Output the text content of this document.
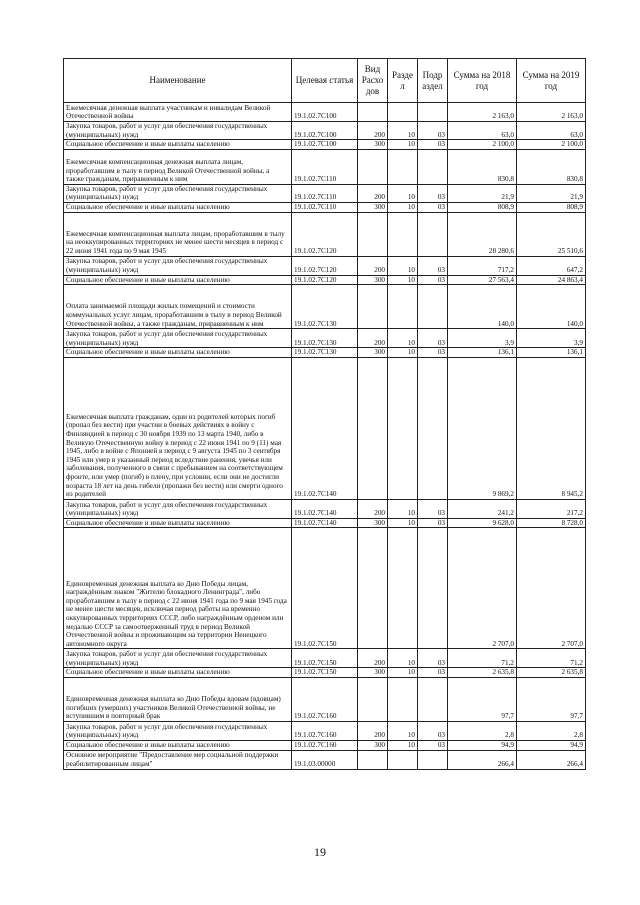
Наименование	Целевая статья	Вид Расхо дов	Разде л	Подр аздел	Сумма на 2018 год	Сумма на 2019 год
Ежемесячная денежная выплата участникам и инвалидам Великой Отечественной войны	19.1.02.7С100				2 163,0	2 163,0
Закупка товаров, работ и услуг для обеспечения государственных (муниципальных) нужд	19.1.02.7С100	200	10	03	63,0	63,0
Социальное обеспечение и иные выплаты населению	19.1.02.7С100	300	10	03	2 100,0	2 100,0
Ежемесячная компенсационная денежная выплата лицам, проработавшим в тылу в период Великой Отечественной войны, а также гражданам, приравненным к ним	19.1.02.7С110				830,8	830,8
Закупка товаров, работ и услуг для обеспечения государственных (муниципальных) нужд	19.1.02.7С110	200	10	03	21,9	21,9
Социальное обеспечение и иные выплаты населению	19.1.02.7С110	300	10	03	808,9	808,9
Ежемесячная компенсационная выплата лицам, проработавшим в тылу на неоккупированных территориях не менее шести месяцев в период с 22 июня 1941 года по 9 мая 1945	19.1.02.7С120				28 280,6	25 510,6
Закупка товаров, работ и услуг для обеспечения государственных (муниципальных) нужд	19.1.02.7С120	200	10	03	717,2	647,2
Социальное обеспечение и иные выплаты населению	19.1.02.7С120	300	10	03	27 563,4	24 863,4
Оплата занимаемой площади жилых помещений и стоимости коммунальных услуг лицам, проработавшим в тылу в период Великой Отечественной войны, а также гражданам, приравненным к ним	19.1.02.7С130				140,0	140,0
Закупка товаров, работ и услуг для обеспечения государственных (муниципальных) нужд	19.1.02.7С130	200	10	03	3,9	3,9
Социальное обеспечение и иные выплаты населению	19.1.02.7С130	300	10	03	136,1	136,1
Ежемесячная выплата гражданам, одни из родителей которых погиб (пропал без вести) при участии в боевых действиях в войну с Финляндией в период с 30 ноября 1939 по 13 марта 1940, либо в Великую Отечественную войну в период с 22 июня 1941 по 9 (11) мая 1945, либо в войне с Японией в период с 9 августа 1945 по 3 сентября 1945 или умер в указанный период вследствие ранения, увечья или заболевания, полученного в связи с пребыванием на соответствующем фронте, или умер (погиб) в плену, при условии, если они не достигли возраста 18 лет на день гибели (пропажи без вести) или смерти одного из родителей	19.1.02.7С140				9 869,2	8 945,2
Закупка товаров, работ и услуг для обеспечения государственных (муниципальных) нужд	19.1.02.7С140	200	10	03	241,2	217,2
Социальное обеспечение и иные выплаты населению	19.1.02.7С140	300	10	03	9 628,0	8 728,0
Единовременная денежная выплата ко Дню Победы лицам, награждённым знаком "Жителю блокадного Ленинграда", либо проработавшим в тылу в период с 22 июня 1941 года по 9 мая 1945 года не менее шести месяцев, исключая период работы на временно оккупированных территориях СССР, либо награждённым орденом или медалью СССР за самоотверженный труд в период Великой Отечественной войны и проживающим на территории Ненецкого автономного округа	19.1.02.7С150				2 707,0	2 707,0
Закупка товаров, работ и услуг для обеспечения государственных (муниципальных) нужд	19.1.02.7С150	200	10	03	71,2	71,2
Социальное обеспечение и иные выплаты населению	19.1.02.7С150	300	10	03	2 635,8	2 635,8
Единовременная денежная выплата ко Дню Победы вдовам (вдовцам) погибших (умерших) участников Великой Отечественной войны, не вступившим в повторный брак	19.1.02.7С160				97,7	97,7
Закупка товаров, работ и услуг для обеспечения государственных (муниципальных) нужд	19.1.02.7С160	200	10	03	2,8	2,8
Социальное обеспечение и иные выплаты населению	19.1.02.7С160	300	10	03	94,9	94,9
Основное мероприятие "Предоставление мер социальной поддержки реабилитированным лицам"	19.1.03.00000				266,4	266,4
19
